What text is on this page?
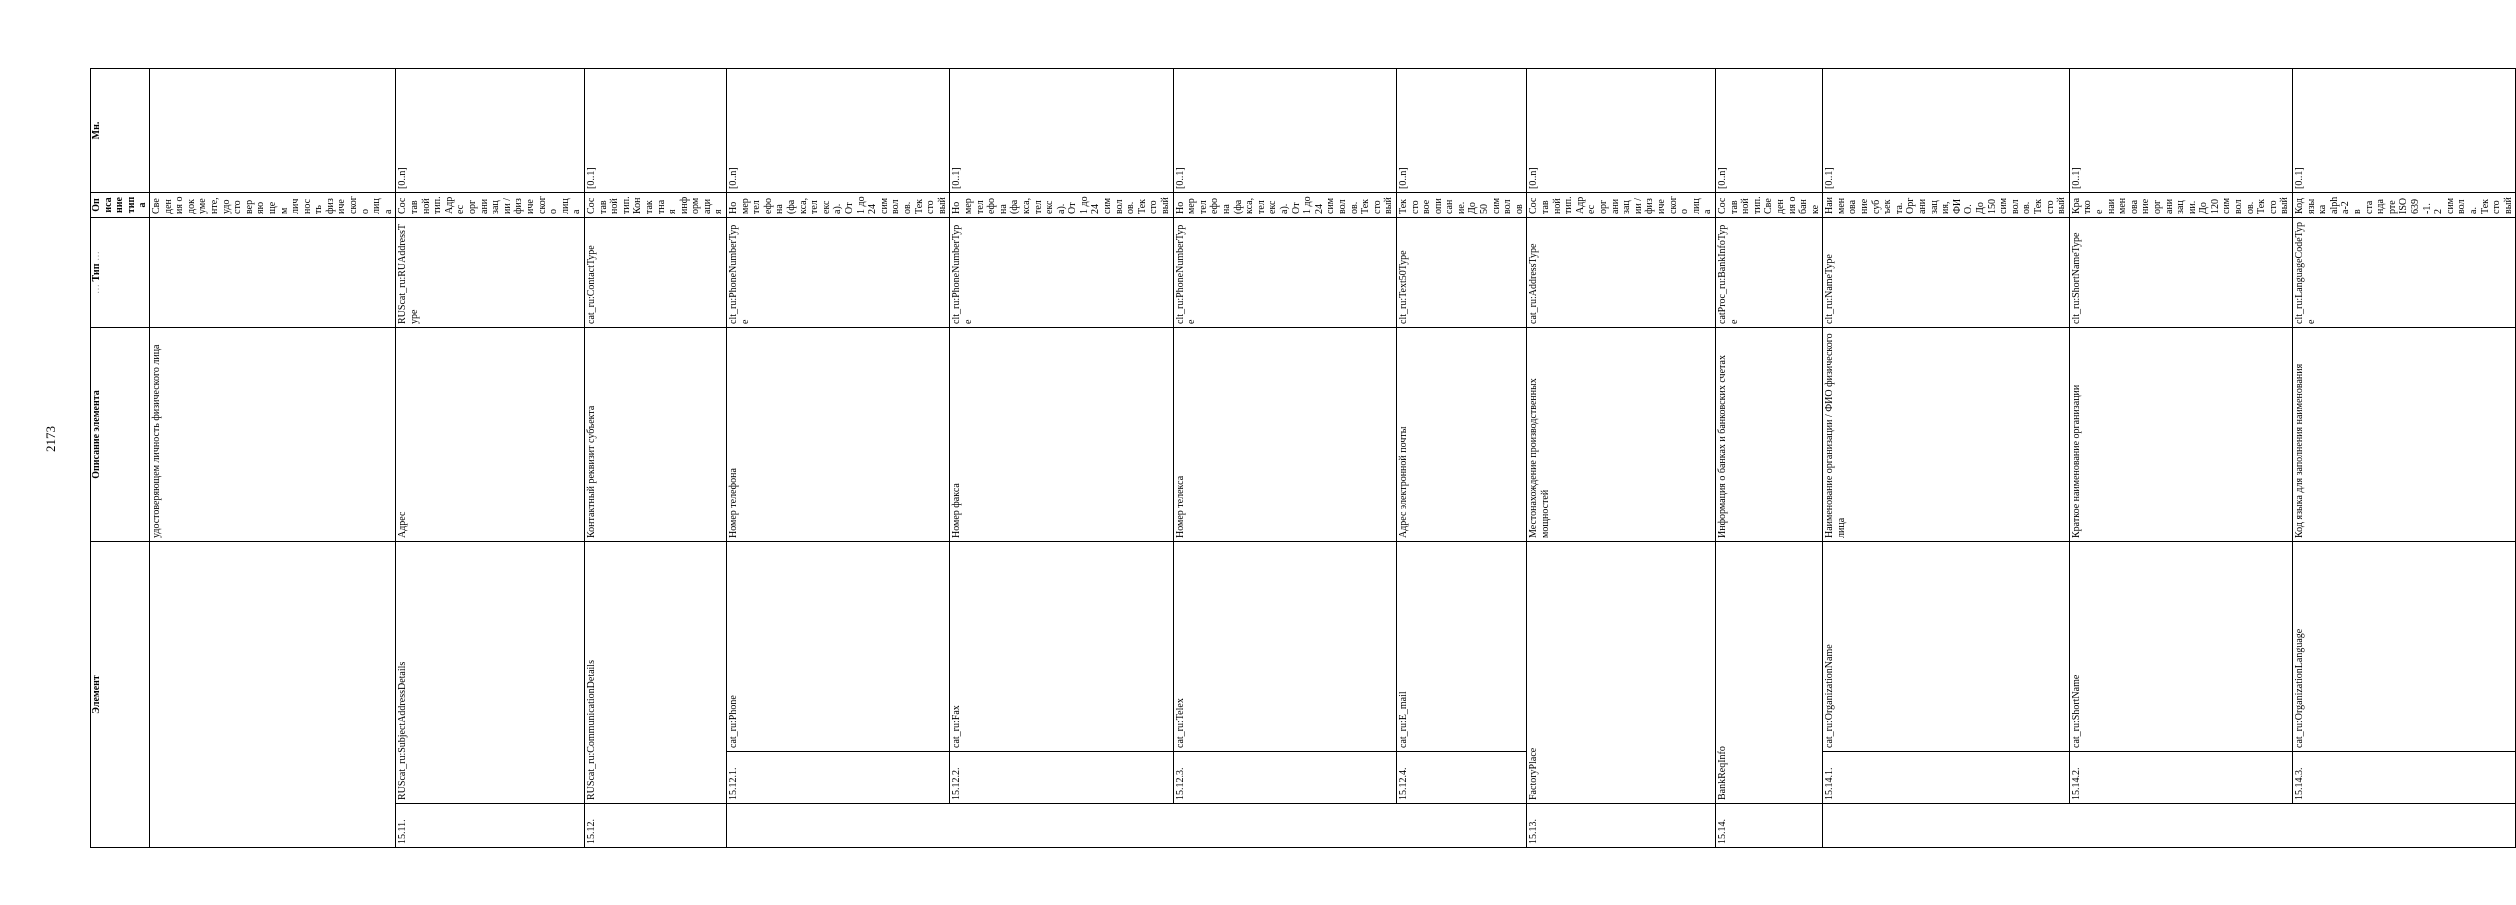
2173
Элемент			Описание элемента	… Тип …	Описание типа	Мн.
			удостоверяющем личность физического лица		Сведения о документе, удостоверяющем личность физического лица	
15.11.	RUScat_ru:SubjectAddressDetails		Адрес	RUScat_ru:RUAddressType	Составной тип. Адрес организации / физического лица	[0..n]
15.12.	RUScat_ru:CommunicationDetails		Контактный реквизит субъекта	cat_ru:ContactType	Составной тип. Контактная информация	[0..1]
	15.12.1.	cat_ru:Phone	Номер телефона	clt_ru:PhoneNumberType	Номер телефона (факса, телекса). От 1 до 24 символов. Текстовый	[0..n]
	15.12.2.	cat_ru:Fax	Номер факса	clt_ru:PhoneNumberType	Номер телефона (факса, телекса). От 1 до 24 символов. Текстовый	[0..1]
	15.12.3.	cat_ru:Telex	Номер телекса	clt_ru:PhoneNumberType	Номер телефона (факса, телекса). От 1 до 24 символов. Текстовый	[0..1]
	15.12.4.	cat_ru:E_mail	Адрес электронной почты	clt_ru:Text50Type	Текстовое описание. До 50 символов	[0..n]
15.13.	FactoryPlace		Местонахождение производственных мощностей	cat_ru:AddressType	Составной тип. Адрес организации / физического лица	[0..n]
15.14.	BankReqInfo		Информация о банках и банковских счетах	catProc_ru:BankInfoType	Составной тип. Сведения о банке	[0..n]
	15.14.1.	cat_ru:OrganizationName	Наименование организации / ФИО физического лица	clt_ru:NameType	Наименование субъекта. Организация, ФИО. До 150 символов. Текстовый	[0..1]
	15.14.2.	cat_ru:ShortName	Краткое наименование организации	clt_ru:ShortNameType	Краткое наименование организации. До 120 символов. Текстовый	[0..1]
	15.14.3.	cat_ru:OrganizationLanguage	Код языка для заполнения наименования	clt_ru:LanguageCodeType	Код языка alpha-2 в стандарте ISO 639-1. 2 символа. Текстовый	[0..1]
